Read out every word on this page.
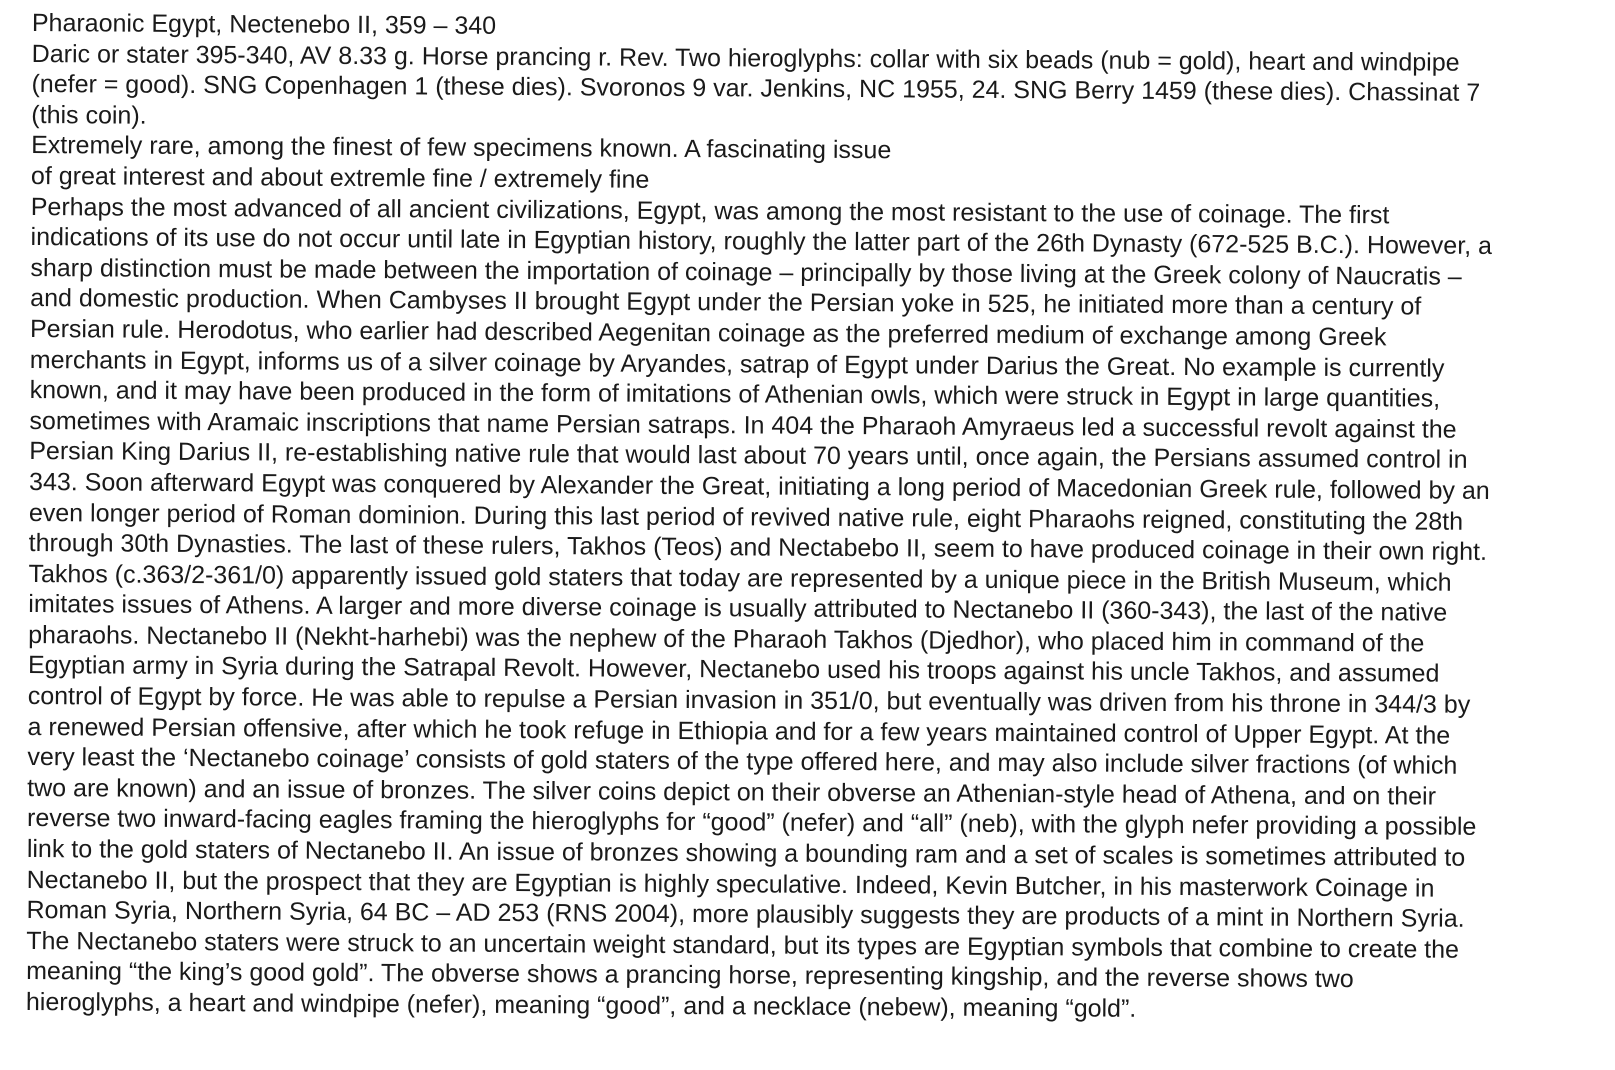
Pharaonic Egypt, Nectenebo II, 359 – 340

Daric or stater 395-340, AV 8.33 g. Horse prancing r. Rev. Two hieroglyphs: collar with six beads (nub = gold), heart and windpipe
(nefer = good). SNG Copenhagen 1 (these dies). Svoronos 9 var. Jenkins, NC 1955, 24. SNG Berry 1459 (these dies). Chassinat 7
(this coin).

Extremely rare, among the finest of few specimens known. A fascinating issue
of great interest and about extremle fine / extremely fine

Perhaps the most advanced of all ancient civilizations, Egypt, was among the most resistant to the use of coinage. The first
indications of its use do not occur until late in Egyptian history, roughly the latter part of the 26th Dynasty (672-525 B.C.). However, a
sharp distinction must be made between the importation of coinage – principally by those living at the Greek colony of Naucratis –
and domestic production. When Cambyses II brought Egypt under the Persian yoke in 525, he initiated more than a century of
Persian rule. Herodotus, who earlier had described Aegenitan coinage as the preferred medium of exchange among Greek
merchants in Egypt, informs us of a silver coinage by Aryandes, satrap of Egypt under Darius the Great. No example is currently
known, and it may have been produced in the form of imitations of Athenian owls, which were struck in Egypt in large quantities,
sometimes with Aramaic inscriptions that name Persian satraps. In 404 the Pharaoh Amyraeus led a successful revolt against the
Persian King Darius II, re-establishing native rule that would last about 70 years until, once again, the Persians assumed control in
343. Soon afterward Egypt was conquered by Alexander the Great, initiating a long period of Macedonian Greek rule, followed by an
even longer period of Roman dominion. During this last period of revived native rule, eight Pharaohs reigned, constituting the 28th
through 30th Dynasties. The last of these rulers, Takhos (Teos) and Nectabebo II, seem to have produced coinage in their own right.
Takhos (c.363/2-361/0) apparently issued gold staters that today are represented by a unique piece in the British Museum, which
imitates issues of Athens. A larger and more diverse coinage is usually attributed to Nectanebo II (360-343), the last of the native
pharaohs. Nectanebo II (Nekht-harhebi) was the nephew of the Pharaoh Takhos (Djedhor), who placed him in command of the
Egyptian army in Syria during the Satrapal Revolt. However, Nectanebo used his troops against his uncle Takhos, and assumed
control of Egypt by force. He was able to repulse a Persian invasion in 351/0, but eventually was driven from his throne in 344/3 by
a renewed Persian offensive, after which he took refuge in Ethiopia and for a few years maintained control of Upper Egypt. At the
very least the ‘Nectanebo coinage’ consists of gold staters of the type offered here, and may also include silver fractions (of which
two are known) and an issue of bronzes. The silver coins depict on their obverse an Athenian-style head of Athena, and on their
reverse two inward-facing eagles framing the hieroglyphs for “good” (nefer) and “all” (neb), with the glyph nefer providing a possible
link to the gold staters of Nectanebo II. An issue of bronzes showing a bounding ram and a set of scales is sometimes attributed to
Nectanebo II, but the prospect that they are Egyptian is highly speculative. Indeed, Kevin Butcher, in his masterwork Coinage in
Roman Syria, Northern Syria, 64 BC – AD 253 (RNS 2004), more plausibly suggests they are products of a mint in Northern Syria.
The Nectanebo staters were struck to an uncertain weight standard, but its types are Egyptian symbols that combine to create the
meaning “the king’s good gold”. The obverse shows a prancing horse, representing kingship, and the reverse shows two
hieroglyphs, a heart and windpipe (nefer), meaning “good”, and a necklace (nebew), meaning “gold”.
